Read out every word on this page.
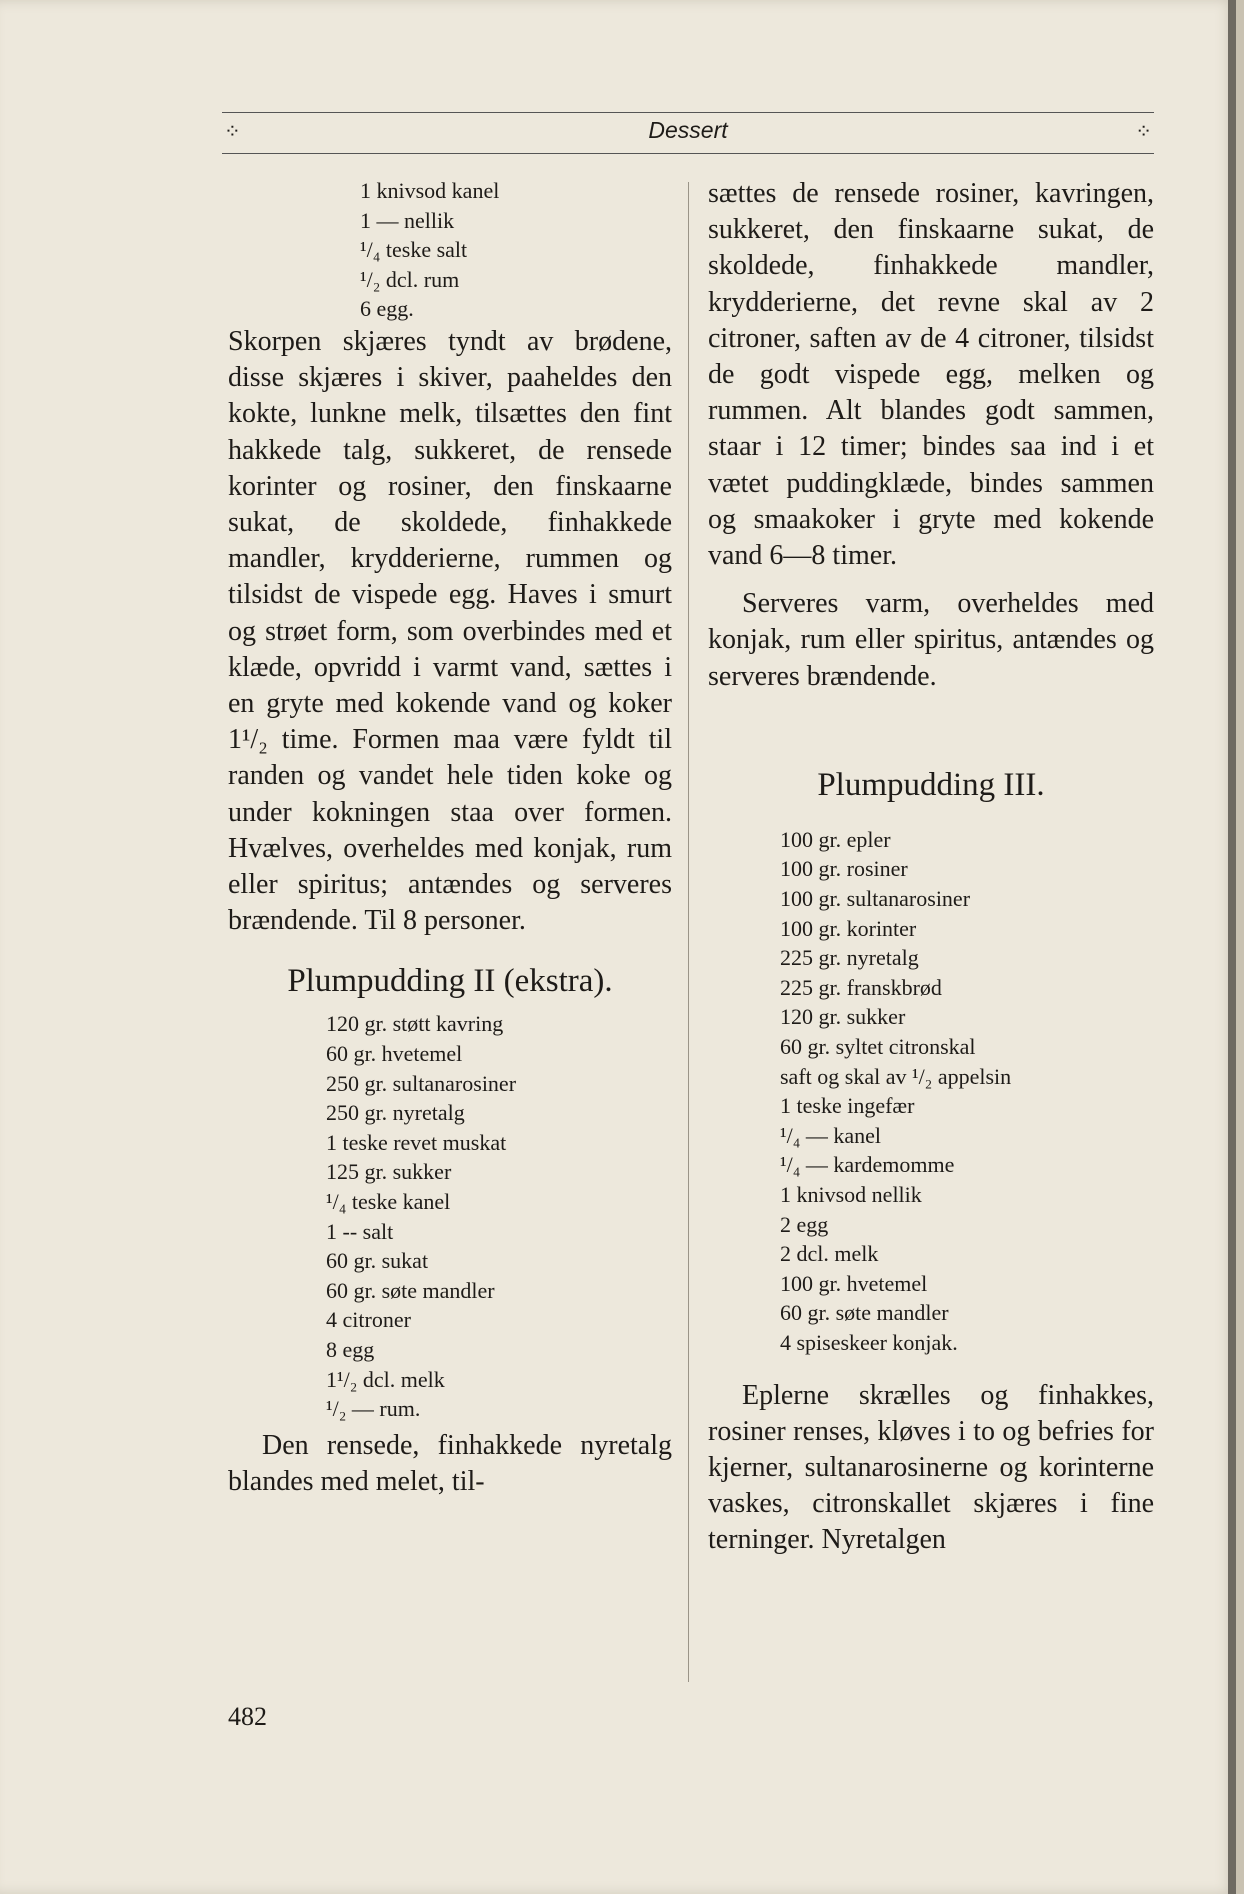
⁘	Dessert	⁘
1 knivsod kanel
1 — nellik
¹/₄ teske salt
¹/₂ dcl. rum
6 egg.

Skorpen skjæres tyndt av brødene, disse skjæres i skiver, paaheldes den kokte, lunkne melk, tilsættes den fint hakkede talg, sukkeret, de rensede korinter og rosiner, den finskaarne sukat, de skoldede, finhakkede mandler, krydderierne, rummen og tilsidst de vispede egg. Haves i smurt og strøet form, som overbindes med et klæde, opvridd i varmt vand, sættes i en gryte med kokende vand og koker 1¹/₂ time. Formen maa være fyldt til randen og vandet hele tiden koke og under kokningen staa over formen. Hvælves, overheldes med konjak, rum eller spiritus; antændes og serveres brændende. Til 8 personer.

Plumpudding II (ekstra).
120 gr. støtt kavring
60 gr. hvetemel
250 gr. sultanarosiner
250 gr. nyretalg
1 teske revet muskat
125 gr. sukker
¹/₄ teske kanel
1 -- salt
60 gr. sukat
60 gr. søte mandler
4 citroner
8 egg
1¹/₂ dcl. melk
¹/₂ — rum.

Den rensede, finhakkede nyretalg blandes med melet, til-

sættes de rensede rosiner, kavringen, sukkeret, den finskaarne sukat, de skoldede, finhakkede mandler, krydderierne, det revne skal av 2 citroner, saften av de 4 citroner, tilsidst de godt vispede egg, melken og rummen. Alt blandes godt sammen, staar i 12 timer; bindes saa ind i et vætet puddingklæde, bindes sammen og smaakoker i gryte med kokende vand 6—8 timer.

Serveres varm, overheldes med konjak, rum eller spiritus, antændes og serveres brændende.

Plumpudding III.
100 gr. epler
100 gr. rosiner
100 gr. sultanarosiner
100 gr. korinter
225 gr. nyretalg
225 gr. franskbrød
120 gr. sukker
60 gr. syltet citronskal
saft og skal av ¹/₂ appelsin
1 teske ingefær
¹/₄ — kanel
¹/₄ — kardemomme
1 knivsod nellik
2 egg
2 dcl. melk
100 gr. hvetemel
60 gr. søte mandler
4 spiseskeer konjak.

Eplerne skrælles og finhakkes, rosiner renses, kløves i to og befries for kjerner, sultanarosinerne og korinterne vaskes, citronskallet skjæres i fine terninger. Nyretalgen

482
